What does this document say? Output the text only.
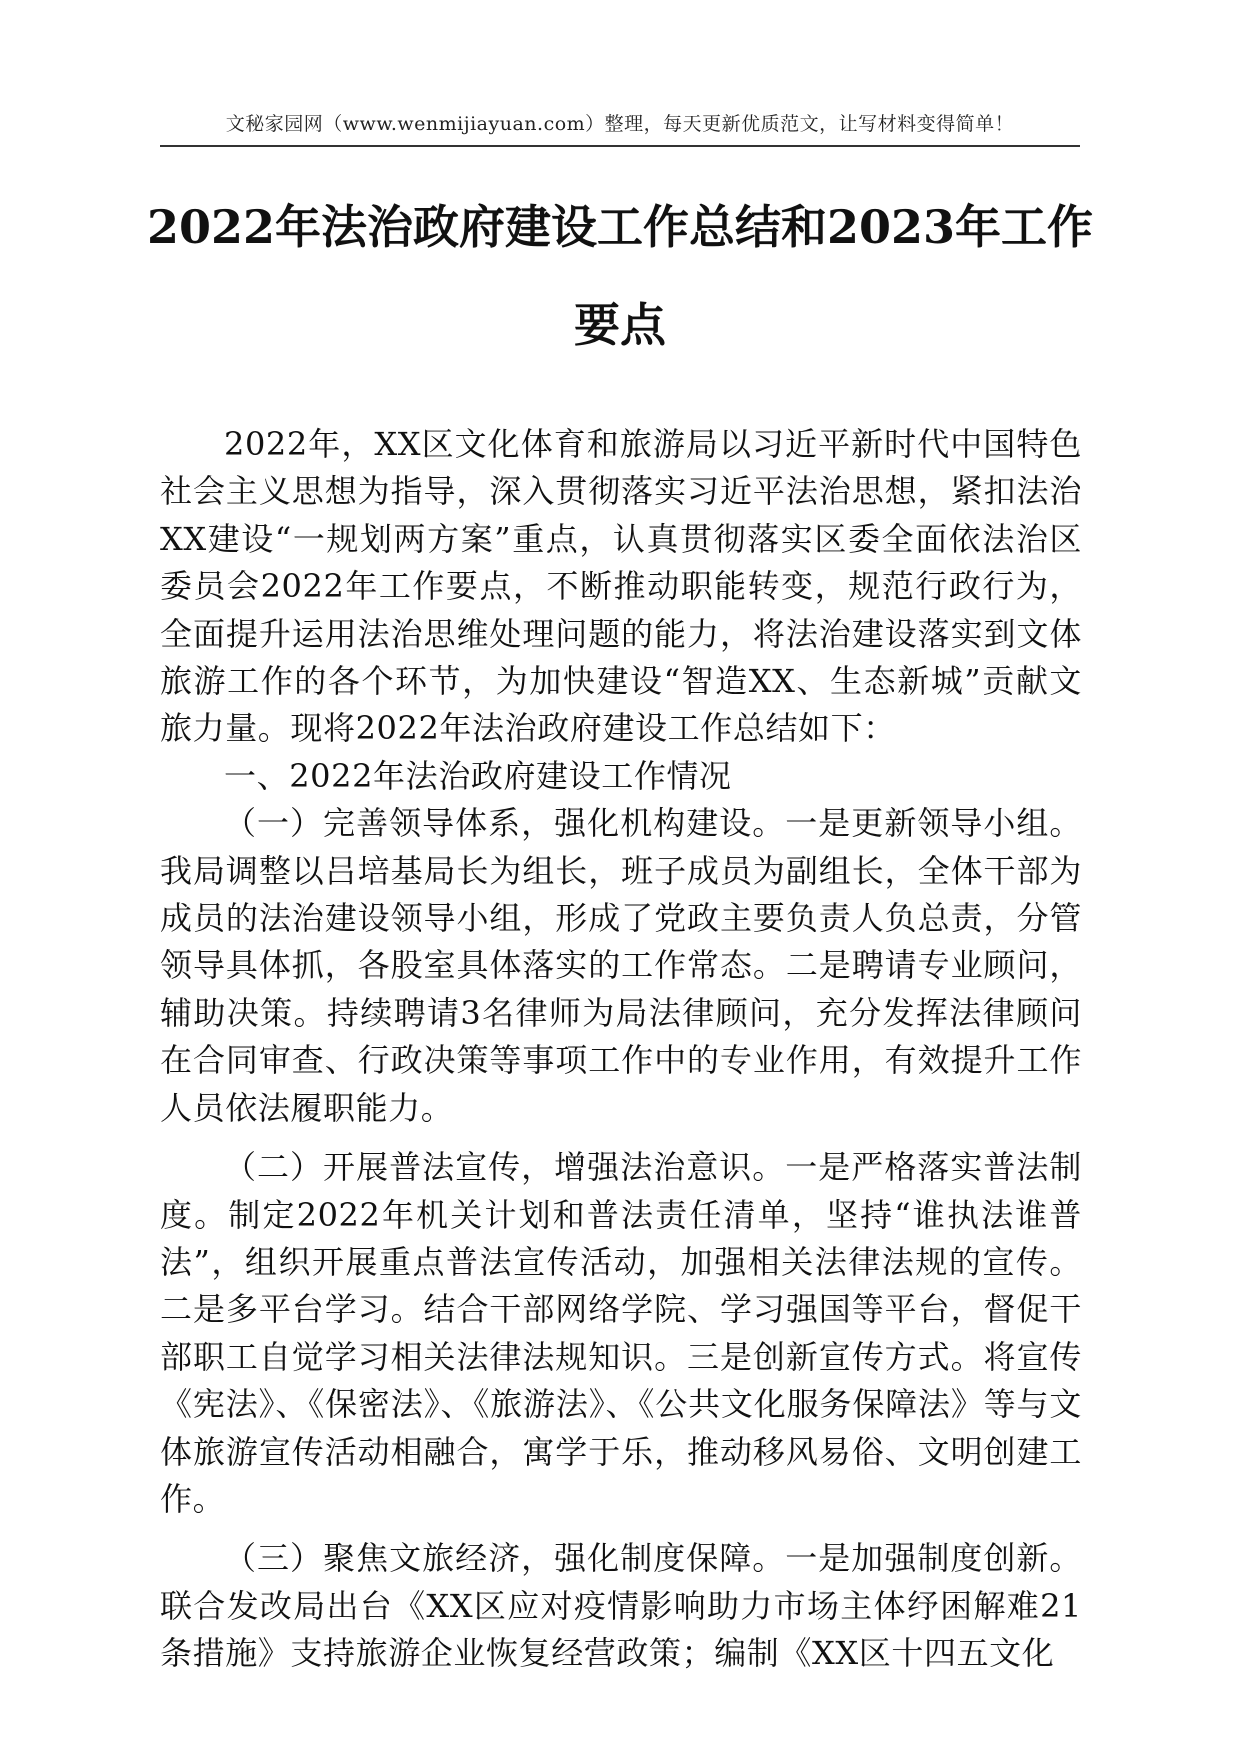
文秘家园网（www.wenmijiayuan.com）整理，每天更新优质范文，让写材料变得简单！
2022年法治政府建设工作总结和2023年工作
要点

2022年，XX区文化体育和旅游局以习近平新时代中国特色社会主义思想为指导，深入贯彻落实习近平法治思想，紧扣法治XX建设“一规划两方案”重点，认真贯彻落实区委全面依法治区委员会2022年工作要点，不断推动职能转变，规范行政行为，全面提升运用法治思维处理问题的能力，将法治建设落实到文体旅游工作的各个环节，为加快建设“智造XX、生态新城”贡献文旅力量。现将2022年法治政府建设工作总结如下：

一、2022年法治政府建设工作情况

（一）完善领导体系，强化机构建设。一是更新领导小组。我局调整以吕培基局长为组长，班子成员为副组长，全体干部为成员的法治建设领导小组，形成了党政主要负责人负总责，分管领导具体抓，各股室具体落实的工作常态。二是聘请专业顾问，辅助决策。持续聘请3名律师为局法律顾问，充分发挥法律顾问在合同审查、行政决策等事项工作中的专业作用，有效提升工作人员依法履职能力。

（二）开展普法宣传，增强法治意识。一是严格落实普法制度。制定2022年机关计划和普法责任清单，坚持“谁执法谁普法”，组织开展重点普法宣传活动，加强相关法律法规的宣传。二是多平台学习。结合干部网络学院、学习强国等平台，督促干部职工自觉学习相关法律法规知识。三是创新宣传方式。将宣传《宪法》、《保密法》、《旅游法》、《公共文化服务保障法》等与文体旅游宣传活动相融合，寓学于乐，推动移风易俗、文明创建工作。

（三）聚焦文旅经济，强化制度保障。一是加强制度创新。联合发改局出台《XX区应对疫情影响助力市场主体纾困解难21条措施》支持旅游企业恢复经营政策；编制《XX区十四五文化
